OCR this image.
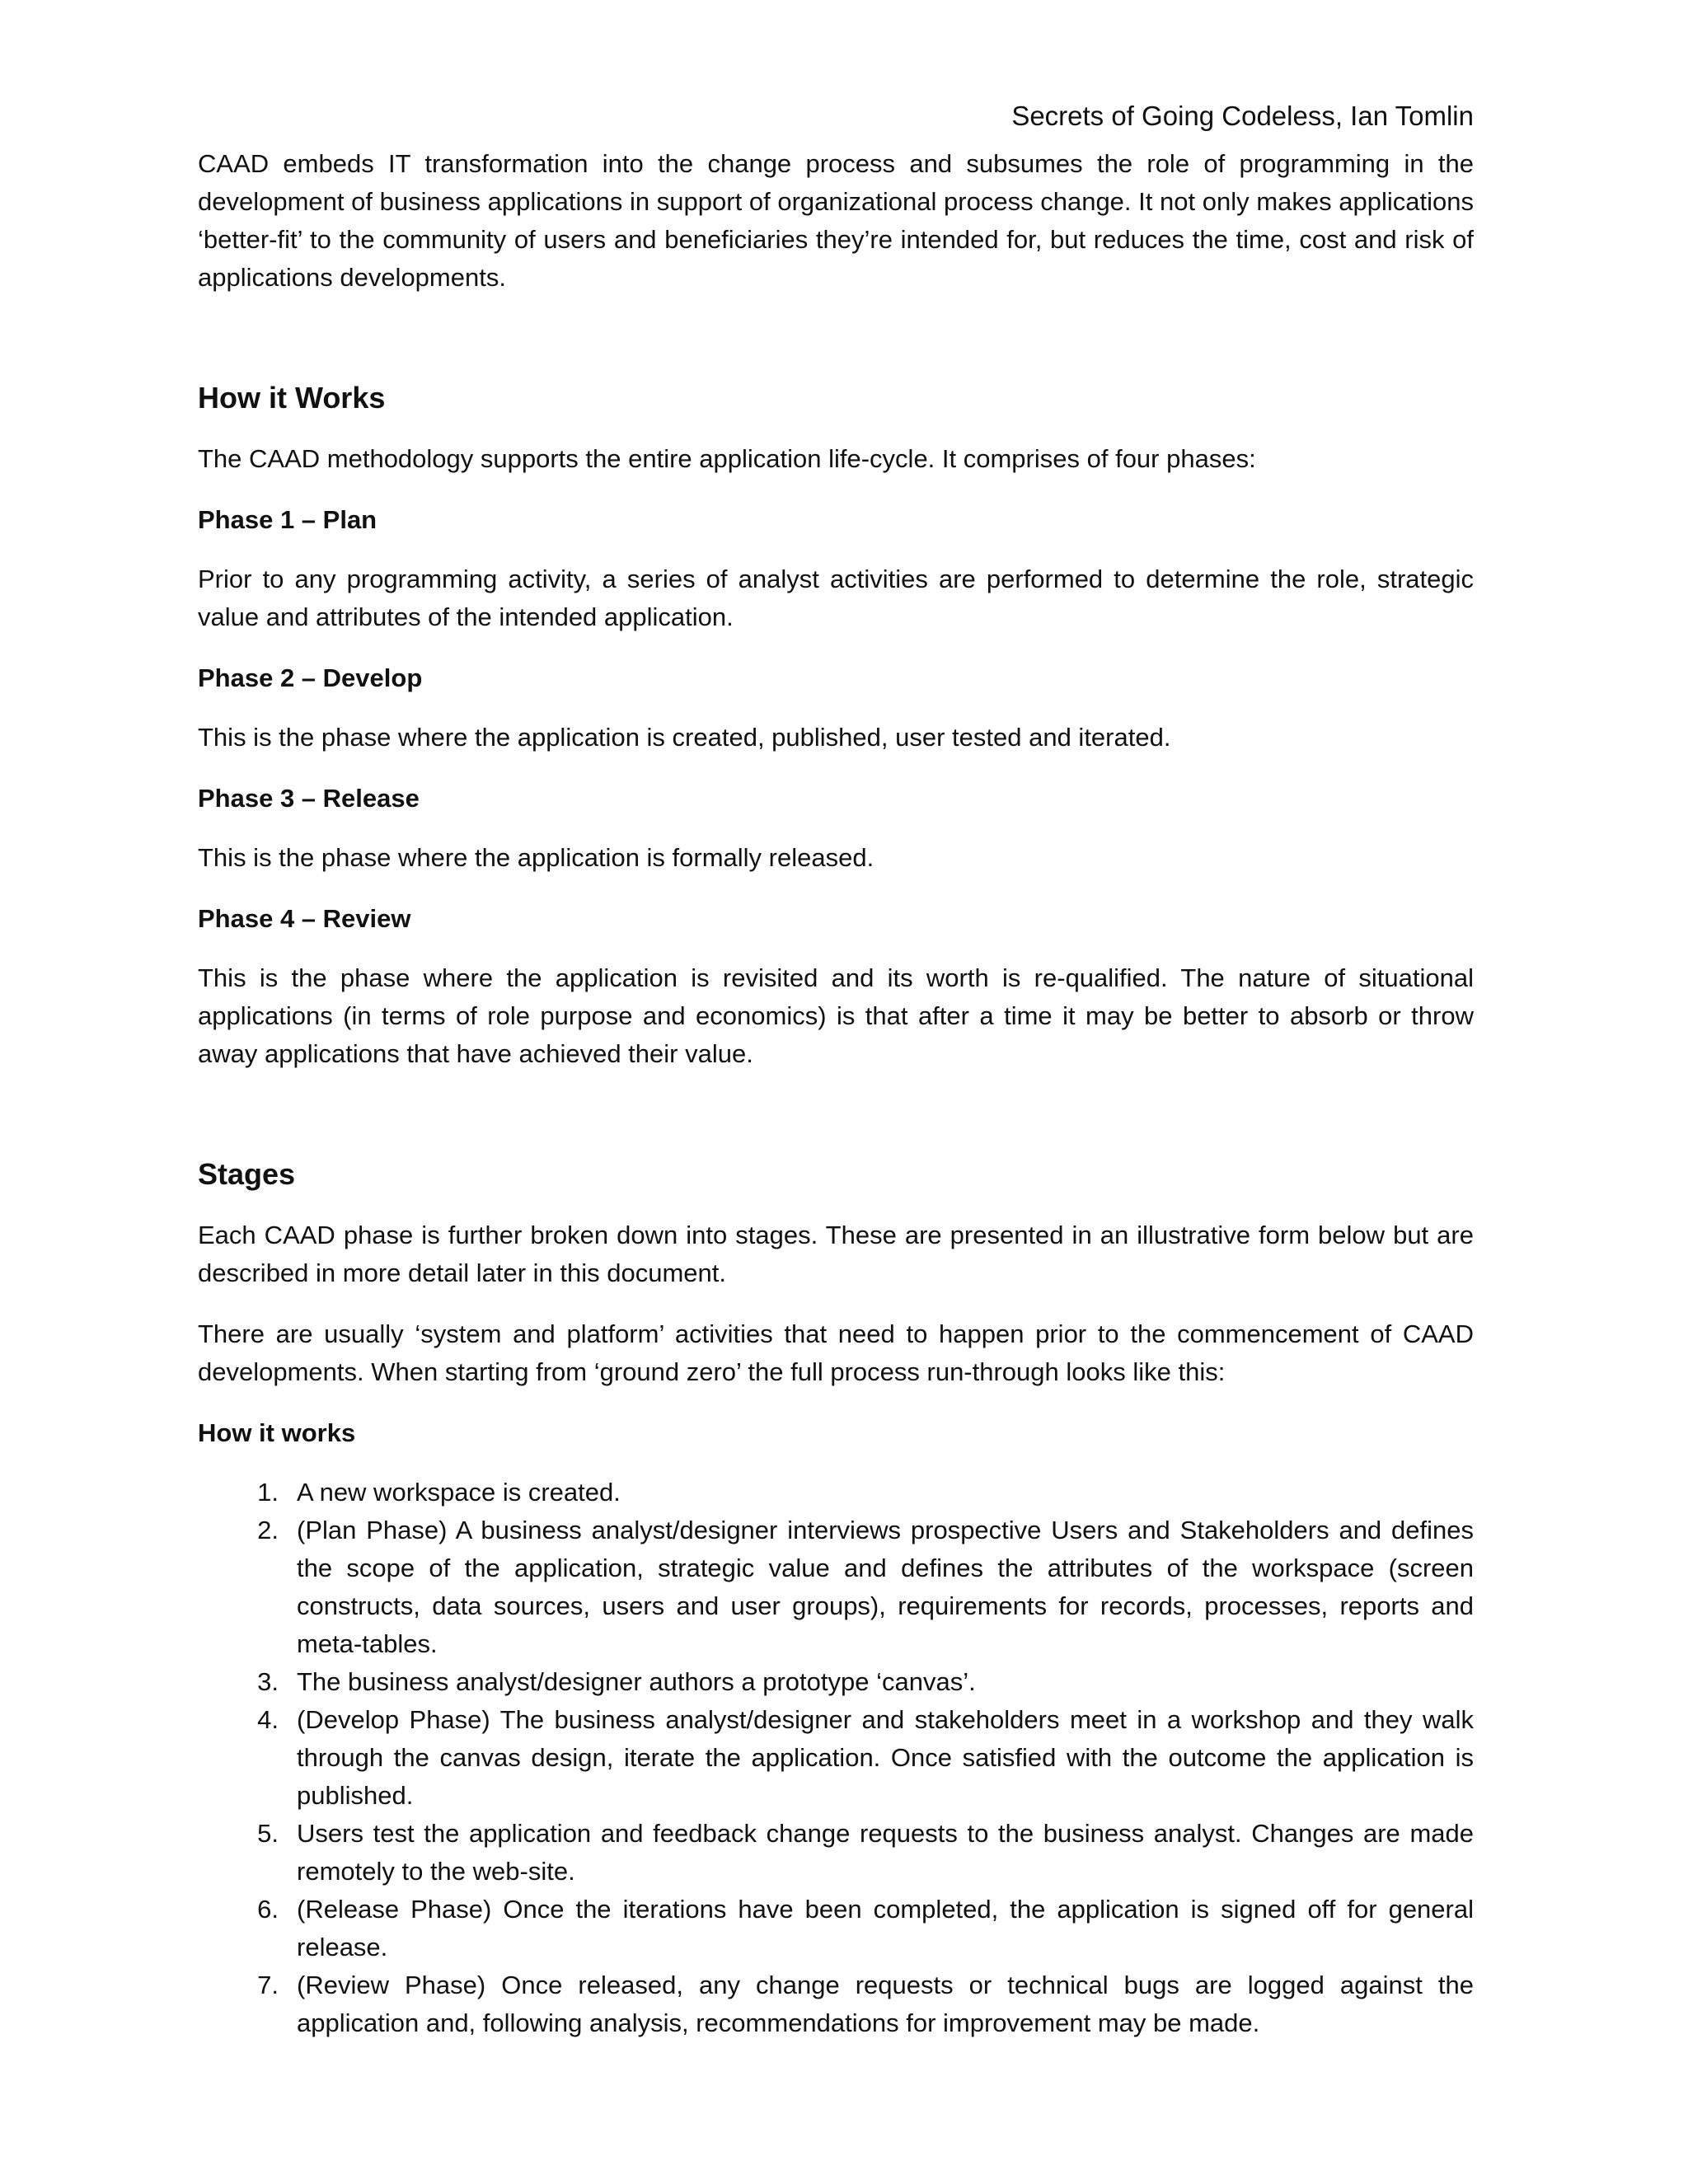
Secrets of Going Codeless, Ian Tomlin

CAAD embeds IT transformation into the change process and subsumes the role of programming in the development of business applications in support of organizational process change. It not only makes applications ‘better-fit’ to the community of users and beneficiaries they’re intended for, but reduces the time, cost and risk of applications developments.

How it Works

The CAAD methodology supports the entire application life-cycle. It comprises of four phases:

Phase 1 – Plan

Prior to any programming activity, a series of analyst activities are performed to determine the role, strategic value and attributes of the intended application.

Phase 2 – Develop

This is the phase where the application is created, published, user tested and iterated.

Phase 3 – Release

This is the phase where the application is formally released.

Phase 4 – Review

This is the phase where the application is revisited and its worth is re-qualified. The nature of situational applications (in terms of role purpose and economics) is that after a time it may be better to absorb or throw away applications that have achieved their value.

Stages

Each CAAD phase is further broken down into stages. These are presented in an illustrative form below but are described in more detail later in this document.

There are usually ‘system and platform’ activities that need to happen prior to the commencement of CAAD developments. When starting from ‘ground zero’ the full process run-through looks like this:

How it works
1. A new workspace is created.
2. (Plan Phase) A business analyst/designer interviews prospective Users and Stakeholders and defines the scope of the application, strategic value and defines the attributes of the workspace (screen constructs, data sources, users and user groups), requirements for records, processes, reports and meta-tables.
3. The business analyst/designer authors a prototype ‘canvas’.
4. (Develop Phase) The business analyst/designer and stakeholders meet in a workshop and they walk through the canvas design, iterate the application. Once satisfied with the outcome the application is published.
5. Users test the application and feedback change requests to the business analyst. Changes are made remotely to the web-site.
6. (Release Phase) Once the iterations have been completed, the application is signed off for general release.
7. (Review Phase) Once released, any change requests or technical bugs are logged against the application and, following analysis, recommendations for improvement may be made.
